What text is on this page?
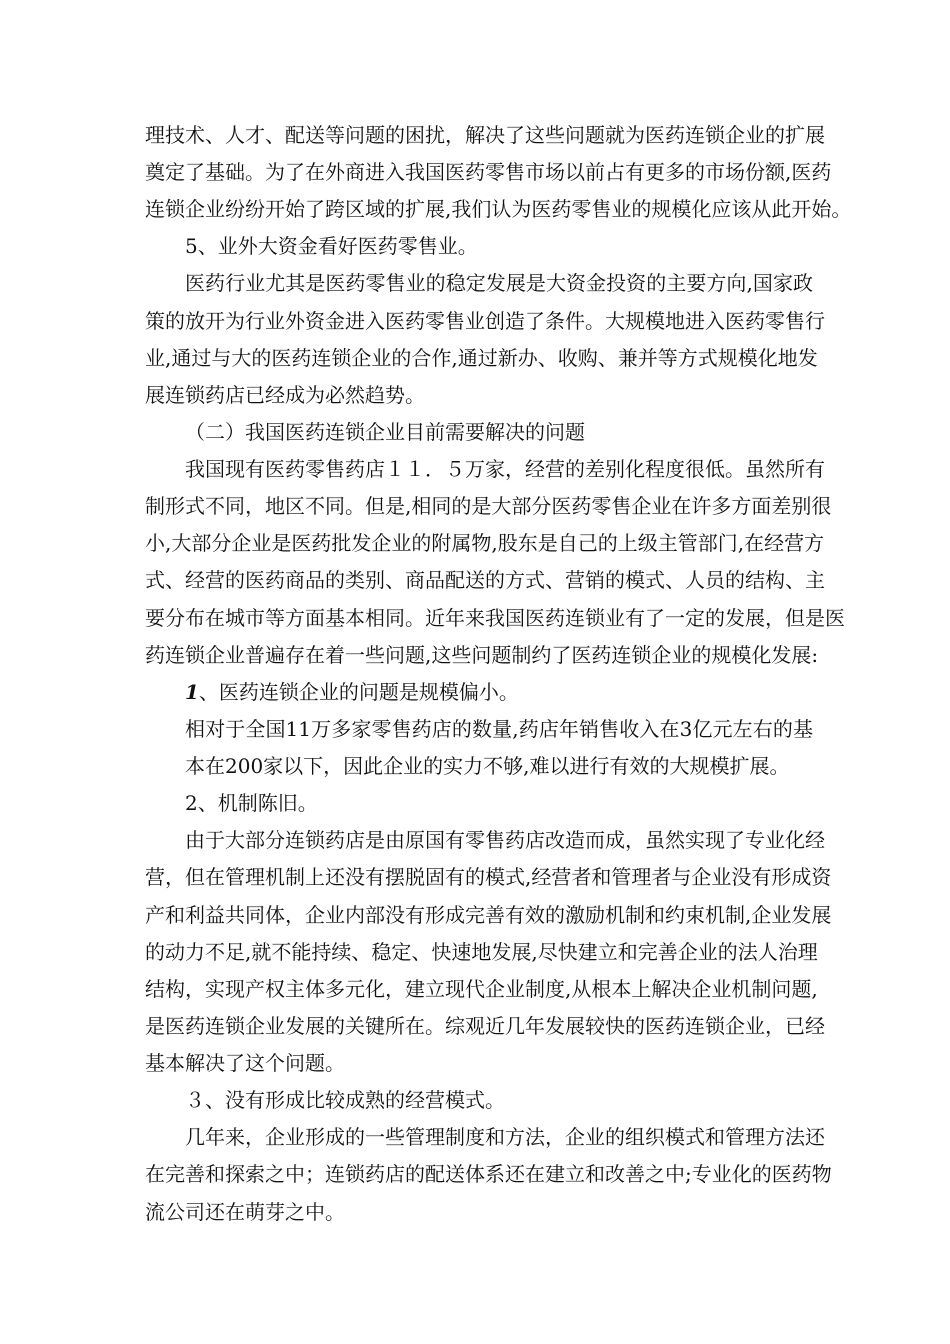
理技术、人才、配送等问题的困扰，解决了这些问题就为医药连锁企业的扩展
奠定了基础。为了在外商进入我国医药零售市场以前占有更多的市场份额,医药
连锁企业纷纷开始了跨区域的扩展,我们认为医药零售业的规模化应该从此开始。
5、业外大资金看好医药零售业。
医药行业尤其是医药零售业的稳定发展是大资金投资的主要方向,国家政
策的放开为行业外资金进入医药零售业创造了条件。大规模地进入医药零售行
业,通过与大的医药连锁企业的合作,通过新办、收购、兼并等方式规模化地发
展连锁药店已经成为必然趋势。
（二）我国医药连锁企业目前需要解决的问题
我国现有医药零售药店１１．５万家，经营的差别化程度很低。虽然所有
制形式不同，地区不同。但是,相同的是大部分医药零售企业在许多方面差别很
小,大部分企业是医药批发企业的附属物,股东是自己的上级主管部门,在经营方
式、经营的医药商品的类别、商品配送的方式、营销的模式、人员的结构、主
要分布在城市等方面基本相同。近年来我国医药连锁业有了一定的发展，但是医
药连锁企业普遍存在着一些问题,这些问题制约了医药连锁企业的规模化发展:
1、医药连锁企业的问题是规模偏小。
相对于全国11万多家零售药店的数量,药店年销售收入在3亿元左右的基
本在200家以下，因此企业的实力不够,难以进行有效的大规模扩展。
2、机制陈旧。
由于大部分连锁药店是由原国有零售药店改造而成，虽然实现了专业化经
营，但在管理机制上还没有摆脱固有的模式,经营者和管理者与企业没有形成资
产和利益共同体，企业内部没有形成完善有效的激励机制和约束机制,企业发展
的动力不足,就不能持续、稳定、快速地发展,尽快建立和完善企业的法人治理
结构，实现产权主体多元化，建立现代企业制度,从根本上解决企业机制问题,
是医药连锁企业发展的关键所在。综观近几年发展较快的医药连锁企业，已经
基本解决了这个问题。
３、没有形成比较成熟的经营模式。
几年来，企业形成的一些管理制度和方法，企业的组织模式和管理方法还
在完善和探索之中；连锁药店的配送体系还在建立和改善之中;专业化的医药物
流公司还在萌芽之中。
